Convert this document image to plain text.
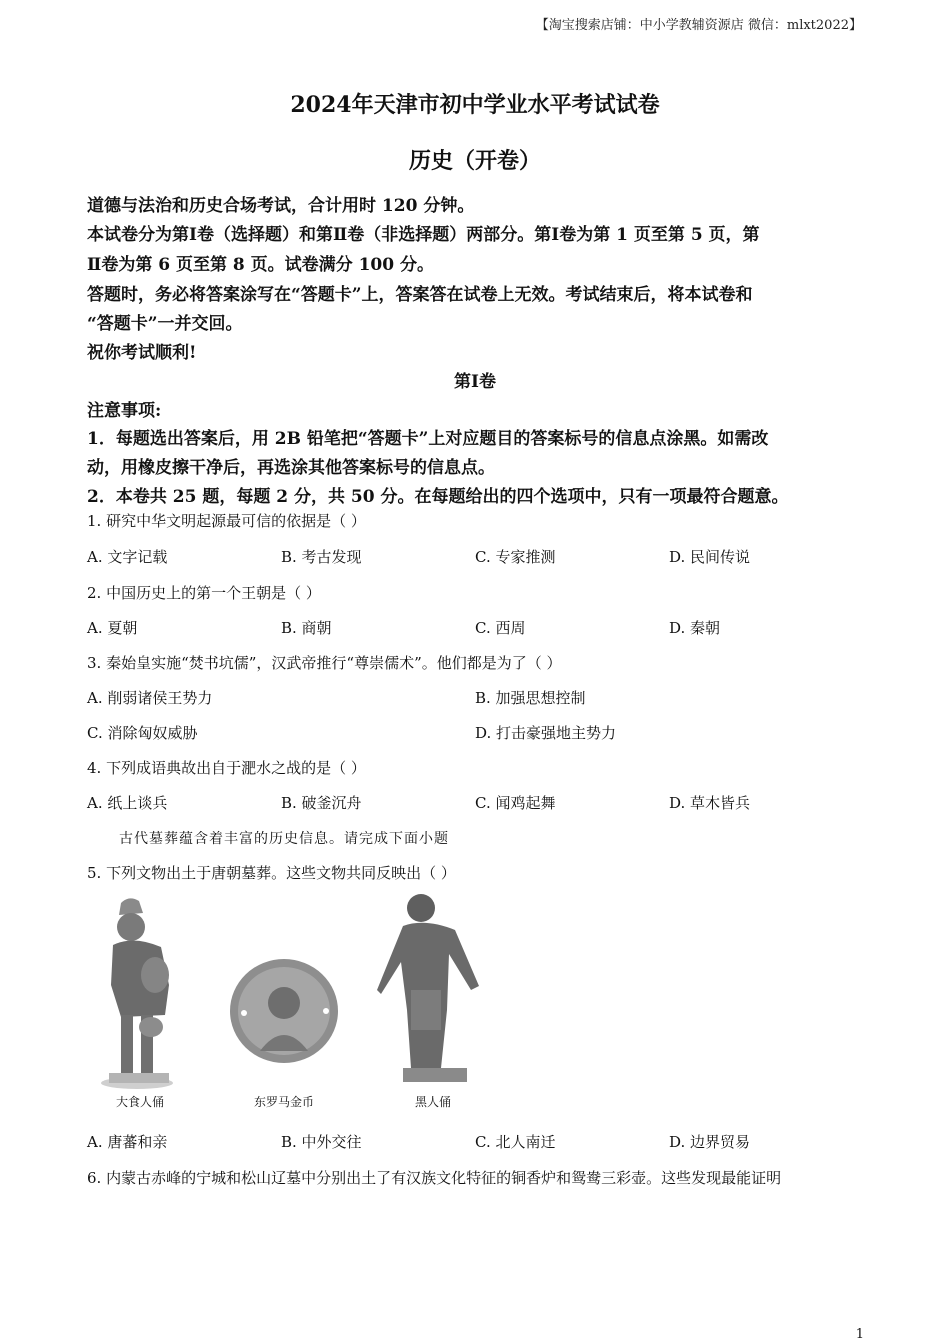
【淘宝搜索店铺：中小学教辅资源店 微信：mlxt2022】
2024年天津市初中学业水平考试试卷
历史（开卷）
道德与法治和历史合场考试，合计用时 120 分钟。
本试卷分为第Ⅰ卷（选择题）和第Ⅱ卷（非选择题）两部分。第Ⅰ卷为第 1 页至第 5 页，第
Ⅱ卷为第 6 页至第 8 页。试卷满分 100 分。
答题时，务必将答案涂写在“答题卡”上，答案答在试卷上无效。考试结束后，将本试卷和
“答题卡”一并交回。
祝你考试顺利!
第Ⅰ卷
注意事项:
1．每题选出答案后，用 2B 铅笔把“答题卡”上对应题目的答案标号的信息点涂黑。如需改
动，用橡皮擦干净后，再选涂其他答案标号的信息点。
2．本卷共 25 题，每题 2 分，共 50 分。在每题给出的四个选项中，只有一项最符合题意。
1. 研究中华文明起源最可信的依据是（ ）
A. 文字记载	B. 考古发现	C. 专家推测	D. 民间传说
2. 中国历史上的第一个王朝是（ ）
A. 夏朝	B. 商朝	C. 西周	D. 秦朝
3. 秦始皇实施“焚书坑儒”，汉武帝推行“尊崇儒术”。他们都是为了（ ）
A. 削弱诸侯王势力	B. 加强思想控制
C. 消除匈奴威胁	D. 打击豪强地主势力
4. 下列成语典故出自于淝水之战的是（ ）
A. 纸上谈兵	B. 破釜沉舟	C. 闻鸡起舞	D. 草木皆兵
古代墓葬蕴含着丰富的历史信息。请完成下面小题
5. 下列文物出土于唐朝墓葬。这些文物共同反映出（ ）
大食人俑	东罗马金币	黑人俑
A. 唐蕃和亲	B. 中外交往	C. 北人南迁	D. 边界贸易
6. 内蒙古赤峰的宁城和松山辽墓中分别出土了有汉族文化特征的铜香炉和鸳鸯三彩壶。这些发现最能证明
1
